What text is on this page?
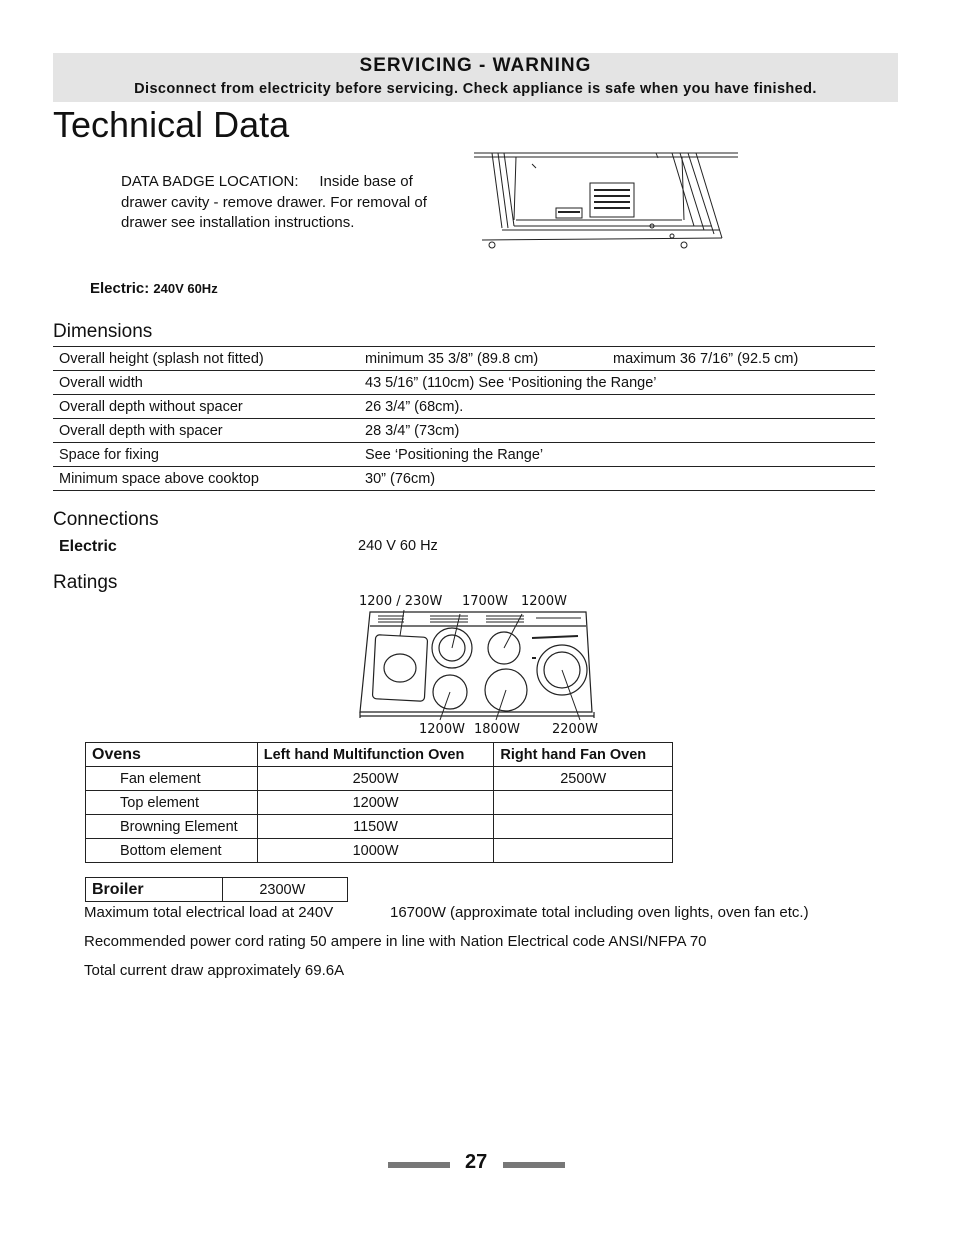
SERVICING - WARNING
Disconnect from electricity before servicing. Check appliance is safe when you have finished.
Technical Data
DATA BADGE LOCATION:     Inside base of drawer cavity - remove drawer. For removal of drawer see installation instructions.
Electric: 240V 60Hz
Dimensions
Overall height (splash not fitted)	minimum 35 3/8” (89.8 cm)	maximum 36 7/16” (92.5 cm)
Overall width	43 5/16” (110cm) See ‘Positioning the Range’	
Overall depth without spacer	26 3/4” (68cm).	
Overall depth with spacer	28 3/4” (73cm)	
Space for fixing	See ‘Positioning the Range’	
Minimum space above cooktop	30” (76cm)	
Connections
Electric	240 V 60 Hz
Ratings
1200 / 230W 1700W 1200W
1200W 1800W 2200W
Ovens	Left hand Multifunction Oven	Right hand Fan Oven
Fan element	2500W	2500W
Top element	1200W	
Browning Element	1150W	
Bottom element	1000W	
Broiler	2300W
Maximum total electrical load at 240V	16700W (approximate total including oven lights, oven fan etc.)
Recommended power cord rating 50 ampere in line with Nation Electrical code ANSI/NFPA 70
Total current draw approximately 69.6A
27
